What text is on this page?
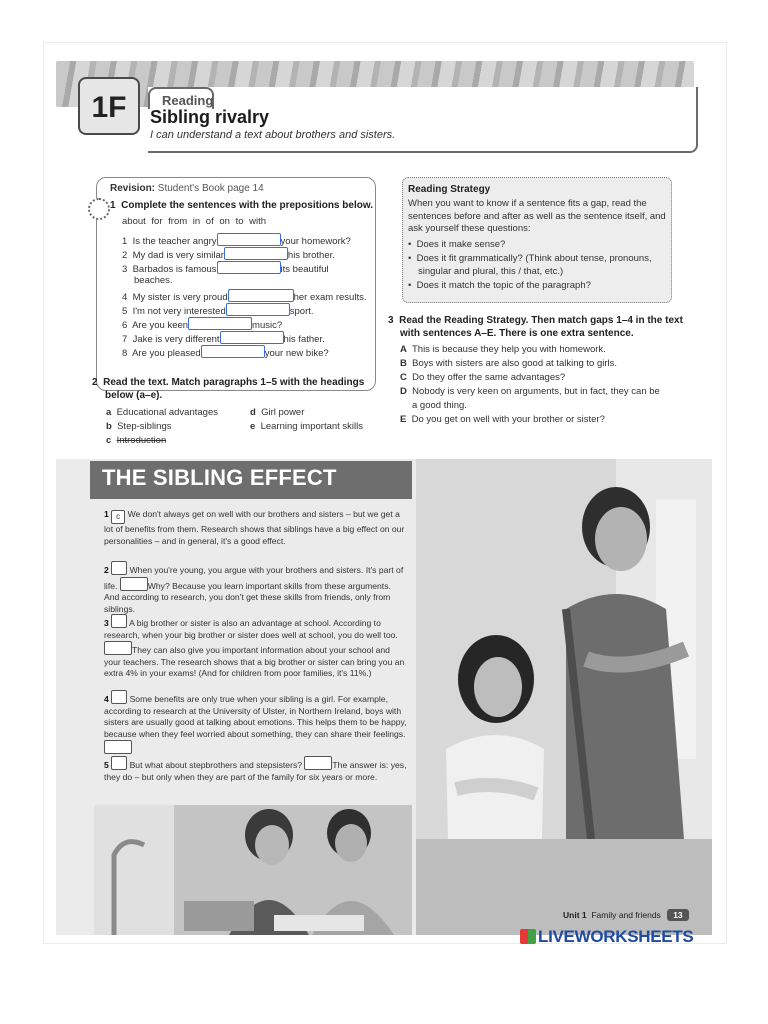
Reading
1F	Sibling rivalry
I can understand a text about brothers and sisters.
Revision: Student's Book page 14
1 Complete the sentences with the prepositions below.
about for from in of on to with
1 Is the teacher angry	your homework?
2 My dad is very similar	his brother.
3 Barbados is famous	its beautiful
beaches.
4 My sister is very proud	her exam results.
5 I'm not very interested	sport.
6 Are you keen	music?
7 Jake is very different	his father.
8 Are you pleased	your new bike?
2 Read the text. Match paragraphs 1–5 with the headings
below (a–e).
a Educational advantages
b Step-siblings
c Introduction
d Girl power
e Learning important skills
Reading Strategy
When you want to know if a sentence fits a gap, read the sentences before and after as well as the sentence itself, and ask yourself these questions:
•  Does it make sense?
•  Does it fit grammatically? (Think about tense, pronouns, singular and plural, this / that, etc.)
•  Does it match the topic of the paragraph?
3 Read the Reading Strategy. Then match gaps 1–4 in the text
with sentences A–E. There is one extra sentence.
A This is because they help you with homework.
B Boys with sisters are also good at talking to girls.
C Do they offer the same advantages?
D Nobody is very keen on arguments, but in fact, they can be
a good thing.
E Do you get on well with your brother or sister?
THE SIBLING EFFECT
1 c We don't always get on well with our brothers and sisters – but we get a lot of benefits from them. Research shows that siblings have a big effect on our personalities – and in general, it's a good effect.
2 When you're young, you argue with your brothers and sisters. It's part of life.	Why? Because you learn important skills from these arguments. And according to research, you don't get these skills from friends, only from siblings.
3 A big brother or sister is also an advantage at school. According to research, when your big brother or sister does well at school, you do well too. They can also give you important information about your school and your teachers. The research shows that a big brother or sister can bring you an extra 4% in your exams! (And for children from poor families, it's 11%.)
4 Some benefits are only true when your sibling is a girl. For example, according to research at the University of Ulster, in Northern Ireland, boys with sisters are usually good at talking about emotions. This helps them to be happy, because when they feel worried about something, they can share their feelings.
5 But what about stepbrothers and stepsisters?	The answer is: yes, they do – but only when they are part of the family for six years or more.
Unit 1 Family and friends 13
LIVEWORKSHEETS
